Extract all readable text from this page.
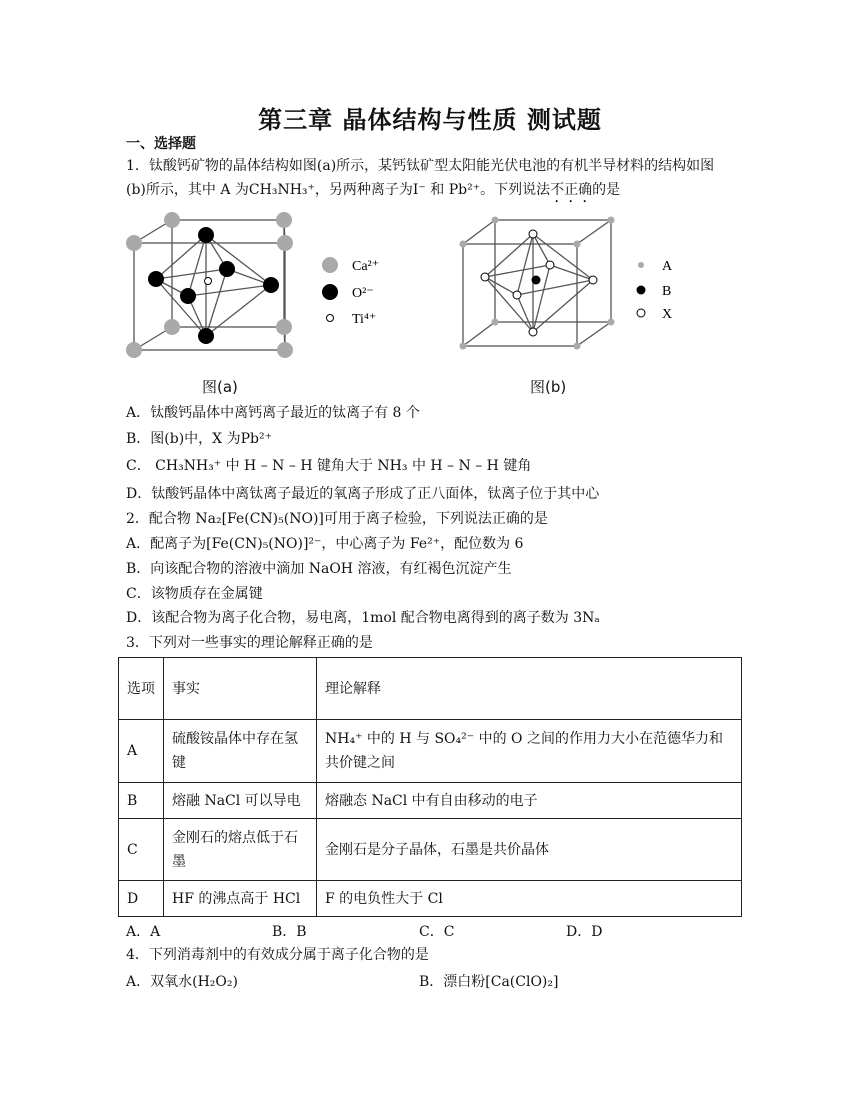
第三章 晶体结构与性质 测试题
一、选择题
1．钛酸钙矿物的晶体结构如图(a)所示，某钙钛矿型太阳能光伏电池的有机半导材料的结构如图
(b)所示，其中 A 为CH₃NH₃⁺，另两种离子为I⁻ 和 Pb²⁺。下列说法不正确的是
Ca²⁺
O²⁻
Ti⁴⁺
图(a)
A
B
X
图(b)
A．钛酸钙晶体中离钙离子最近的钛离子有 8 个
B．图(b)中，X 为Pb²⁺
C． CH₃NH₃⁺ 中 H – N – H 键角大于 NH₃ 中 H – N – H 键角
D．钛酸钙晶体中离钛离子最近的氧离子形成了正八面体，钛离子位于其中心
2．配合物 Na₂[Fe(CN)₅(NO)]可用于离子检验，下列说法正确的是
A．配离子为[Fe(CN)₅(NO)]²⁻，中心离子为 Fe²⁺，配位数为 6
B．向该配合物的溶液中滴加 NaOH 溶液，有红褐色沉淀产生
C．该物质存在金属键
D．该配合物为离子化合物，易电离，1mol 配合物电离得到的离子数为 3Nₐ
3．下列对一些事实的理论解释正确的是
选项	事实	理论解释
A	硫酸铵晶体中存在氢键	NH₄⁺ 中的 H 与 SO₄²⁻ 中的 O 之间的作用力大小在范德华力和共价键之间
B	熔融 NaCl 可以导电	熔融态 NaCl 中有自由移动的电子
C	金刚石的熔点低于石墨	金刚石是分子晶体，石墨是共价晶体
D	HF 的沸点高于 HCl	F 的电负性大于 Cl
A．A	B．B	C．C	D．D
4．下列消毒剂中的有效成分属于离子化合物的是
A．双氧水(H₂O₂)	B．漂白粉[Ca(ClO)₂]
